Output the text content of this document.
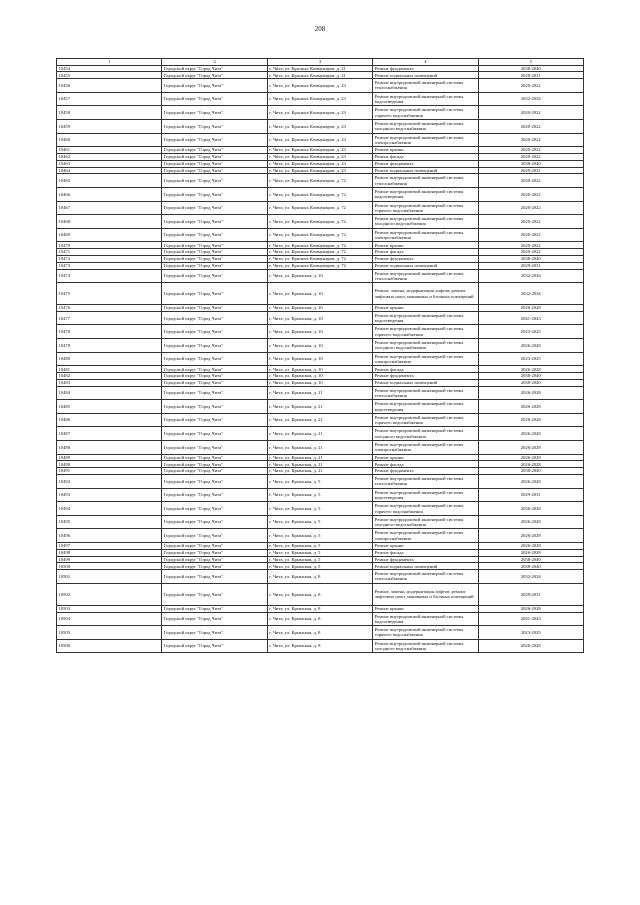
208
1	2	3	4	5
10454	Городской округ "Город Чита"	г. Чита, ул. Красных Коммунаров, д. 21	Ремонт фундамента	2038-2040
10455	Городской округ "Город Чита"	г. Чита, ул. Красных Коммунаров, д. 21	Ремонт подвальных помещений	2029-2031
10456	Городской округ "Город Чита"	г. Чита, ул. Красных Коммунаров, д. 23	Ремонт внутридомовой инженерной системы теплоснабжения	2020-2022
10457	Городской округ "Город Чита"	г. Чита, ул. Красных Коммунаров, д. 23	Ремонт внутридомовой инженерной системы водоотведения	2032-2034
10458	Городской округ "Город Чита"	г. Чита, ул. Красных Коммунаров, д. 23	Ремонт внутридомовой инженерной системы горячего водоснабжения	2020-2022
10459	Городской округ "Город Чита"	г. Чита, ул. Красных Коммунаров, д. 23	Ремонт внутридомовой инженерной системы холодного водоснабжения	2020-2022
10460	Городской округ "Город Чита"	г. Чита, ул. Красных Коммунаров, д. 23	Ремонт внутридомовой инженерной системы электроснабжения	2020-2022
10461	Городской округ "Город Чита"	г. Чита, ул. Красных Коммунаров, д. 23	Ремонт крыши	2020-2022
10462	Городской округ "Город Чита"	г. Чита, ул. Красных Коммунаров, д. 23	Ремонт фасада	2020-2022
10463	Городской округ "Город Чита"	г. Чита, ул. Красных Коммунаров, д. 23	Ремонт фундамента	2038-2040
10464	Городской округ "Город Чита"	г. Чита, ул. Красных Коммунаров, д. 23	Ремонт подвальных помещений	2029-2031
10465	Городской округ "Город Чита"	г. Чита, ул. Красных Коммунаров, д. 72	Ремонт внутридомовой инженерной системы теплоснабжения	2020-2022
10466	Городской округ "Город Чита"	г. Чита, ул. Красных Коммунаров, д. 72	Ремонт внутридомовой инженерной системы водоотведения	2020-2022
10467	Городской округ "Город Чита"	г. Чита, ул. Красных Коммунаров, д. 72	Ремонт внутридомовой инженерной системы горячего водоснабжения	2020-2022
10468	Городской округ "Город Чита"	г. Чита, ул. Красных Коммунаров, д. 72	Ремонт внутридомовой инженерной системы холодного водоснабжения	2020-2022
10469	Городской округ "Город Чита"	г. Чита, ул. Красных Коммунаров, д. 72	Ремонт внутридомовой инженерной системы электроснабжения	2020-2022
10470	Городской округ "Город Чита"	г. Чита, ул. Красных Коммунаров, д. 72	Ремонт крыши	2020-2022
10471	Городской округ "Город Чита"	г. Чита, ул. Красных Коммунаров, д. 72	Ремонт фасада	2020-2022
10472	Городской округ "Город Чита"	г. Чита, ул. Красных Коммунаров, д. 72	Ремонт фундамента	2038-2040
10473	Городской округ "Город Чита"	г. Чита, ул. Красных Коммунаров, д. 72	Ремонт подвальных помещений	2029-2031
10474	Городской округ "Город Чита"	г. Чита, ул. Крымская, д. 10	Ремонт внутридомовой инженерной системы теплоснабжения	2032-2034
10475	Городской округ "Город Чита"	г. Чита, ул. Крымская, д. 10	Ремонт, замена, модернизация лифтов, ремонт лифтовых шахт, машинных и блочных помещений	2032-2034
10476	Городской округ "Город Чита"	г. Чита, ул. Крымская, д. 10	Ремонт крыши	2026-2028
10477	Городской округ "Город Чита"	г. Чита, ул. Крымская, д. 10	Ремонт внутридомовой инженерной системы водоотведения	2041-2043
10478	Городской округ "Город Чита"	г. Чита, ул. Крымская, д. 10	Ремонт внутридомовой инженерной системы горячего водоснабжения	2023-2025
10479	Городской округ "Город Чита"	г. Чита, ул. Крымская, д. 10	Ремонт внутридомовой инженерной системы холодного водоснабжения	2026-2028
10480	Городской округ "Город Чита"	г. Чита, ул. Крымская, д. 10	Ремонт внутридомовой инженерной системы электроснабжения	2023-2025
10481	Городской округ "Город Чита"	г. Чита, ул. Крымская, д. 10	Ремонт фасада	2026-2028
10482	Городской округ "Город Чита"	г. Чита, ул. Крымская, д. 10	Ремонт фундамента	2038-2040
10483	Городской округ "Город Чита"	г. Чита, ул. Крымская, д. 10	Ремонт подвальных помещений	2038-2040
10484	Городской округ "Город Чита"	г. Чита, ул. Крымская, д. 21	Ремонт внутридомовой инженерной системы теплоснабжения	2026-2028
10485	Городской округ "Город Чита"	г. Чита, ул. Крымская, д. 21	Ремонт внутридомовой инженерной системы водоотведения	2026-2028
10486	Городской округ "Город Чита"	г. Чита, ул. Крымская, д. 21	Ремонт внутридомовой инженерной системы горячего водоснабжения	2026-2028
10487	Городской округ "Город Чита"	г. Чита, ул. Крымская, д. 21	Ремонт внутридомовой инженерной системы холодного водоснабжения	2026-2028
10488	Городской округ "Город Чита"	г. Чита, ул. Крымская, д. 21	Ремонт внутридомовой инженерной системы электроснабжения	2026-2028
10489	Городской округ "Город Чита"	г. Чита, ул. Крымская, д. 21	Ремонт крыши	2026-2028
10490	Городской округ "Город Чита"	г. Чита, ул. Крымская, д. 21	Ремонт фасада	2026-2028
10491	Городской округ "Город Чита"	г. Чита, ул. Крымская, д. 21	Ремонт фундамента	2038-2040
10492	Городской округ "Город Чита"	г. Чита, ул. Крымская, д. 5	Ремонт внутридомовой инженерной системы теплоснабжения	2026-2028
10493	Городской округ "Город Чита"	г. Чита, ул. Крымская, д. 5	Ремонт внутридомовой инженерной системы водоотведения	2029-2031
10494	Городской округ "Город Чита"	г. Чита, ул. Крымская, д. 5	Ремонт внутридомовой инженерной системы горячего водоснабжения	2026-2028
10495	Городской округ "Город Чита"	г. Чита, ул. Крымская, д. 5	Ремонт внутридомовой инженерной системы холодного водоснабжения	2026-2028
10496	Городской округ "Город Чита"	г. Чита, ул. Крымская, д. 5	Ремонт внутридомовой инженерной системы электроснабжения	2026-2028
10497	Городской округ "Город Чита"	г. Чита, ул. Крымская, д. 5	Ремонт крыши	2026-2028
10498	Городской округ "Город Чита"	г. Чита, ул. Крымская, д. 5	Ремонт фасада	2026-2028
10499	Городской округ "Город Чита"	г. Чита, ул. Крымская, д. 5	Ремонт фундамента	2038-2040
10500	Городской округ "Город Чита"	г. Чита, ул. Крымская, д. 5	Ремонт подвальных помещений	2038-2040
10501	Городской округ "Город Чита"	г. Чита, ул. Крымская, д. 8	Ремонт внутридомовой инженерной системы теплоснабжения	2032-2034
10502	Городской округ "Город Чита"	г. Чита, ул. Крымская, д. 8	Ремонт, замена, модернизация лифтов, ремонт лифтовых шахт, машинных и блочных помещений	2029-2031
10503	Городской округ "Город Чита"	г. Чита, ул. Крымская, д. 8	Ремонт крыши	2026-2028
10504	Городской округ "Город Чита"	г. Чита, ул. Крымская, д. 8	Ремонт внутридомовой инженерной системы водоотведения	2041-2043
10505	Городской округ "Город Чита"	г. Чита, ул. Крымская, д. 8	Ремонт внутридомовой инженерной системы горячего водоснабжения	2023-2025
10506	Городской округ "Город Чита"	г. Чита, ул. Крымская, д. 8	Ремонт внутридомовой инженерной системы холодного водоснабжения	2026-2028
